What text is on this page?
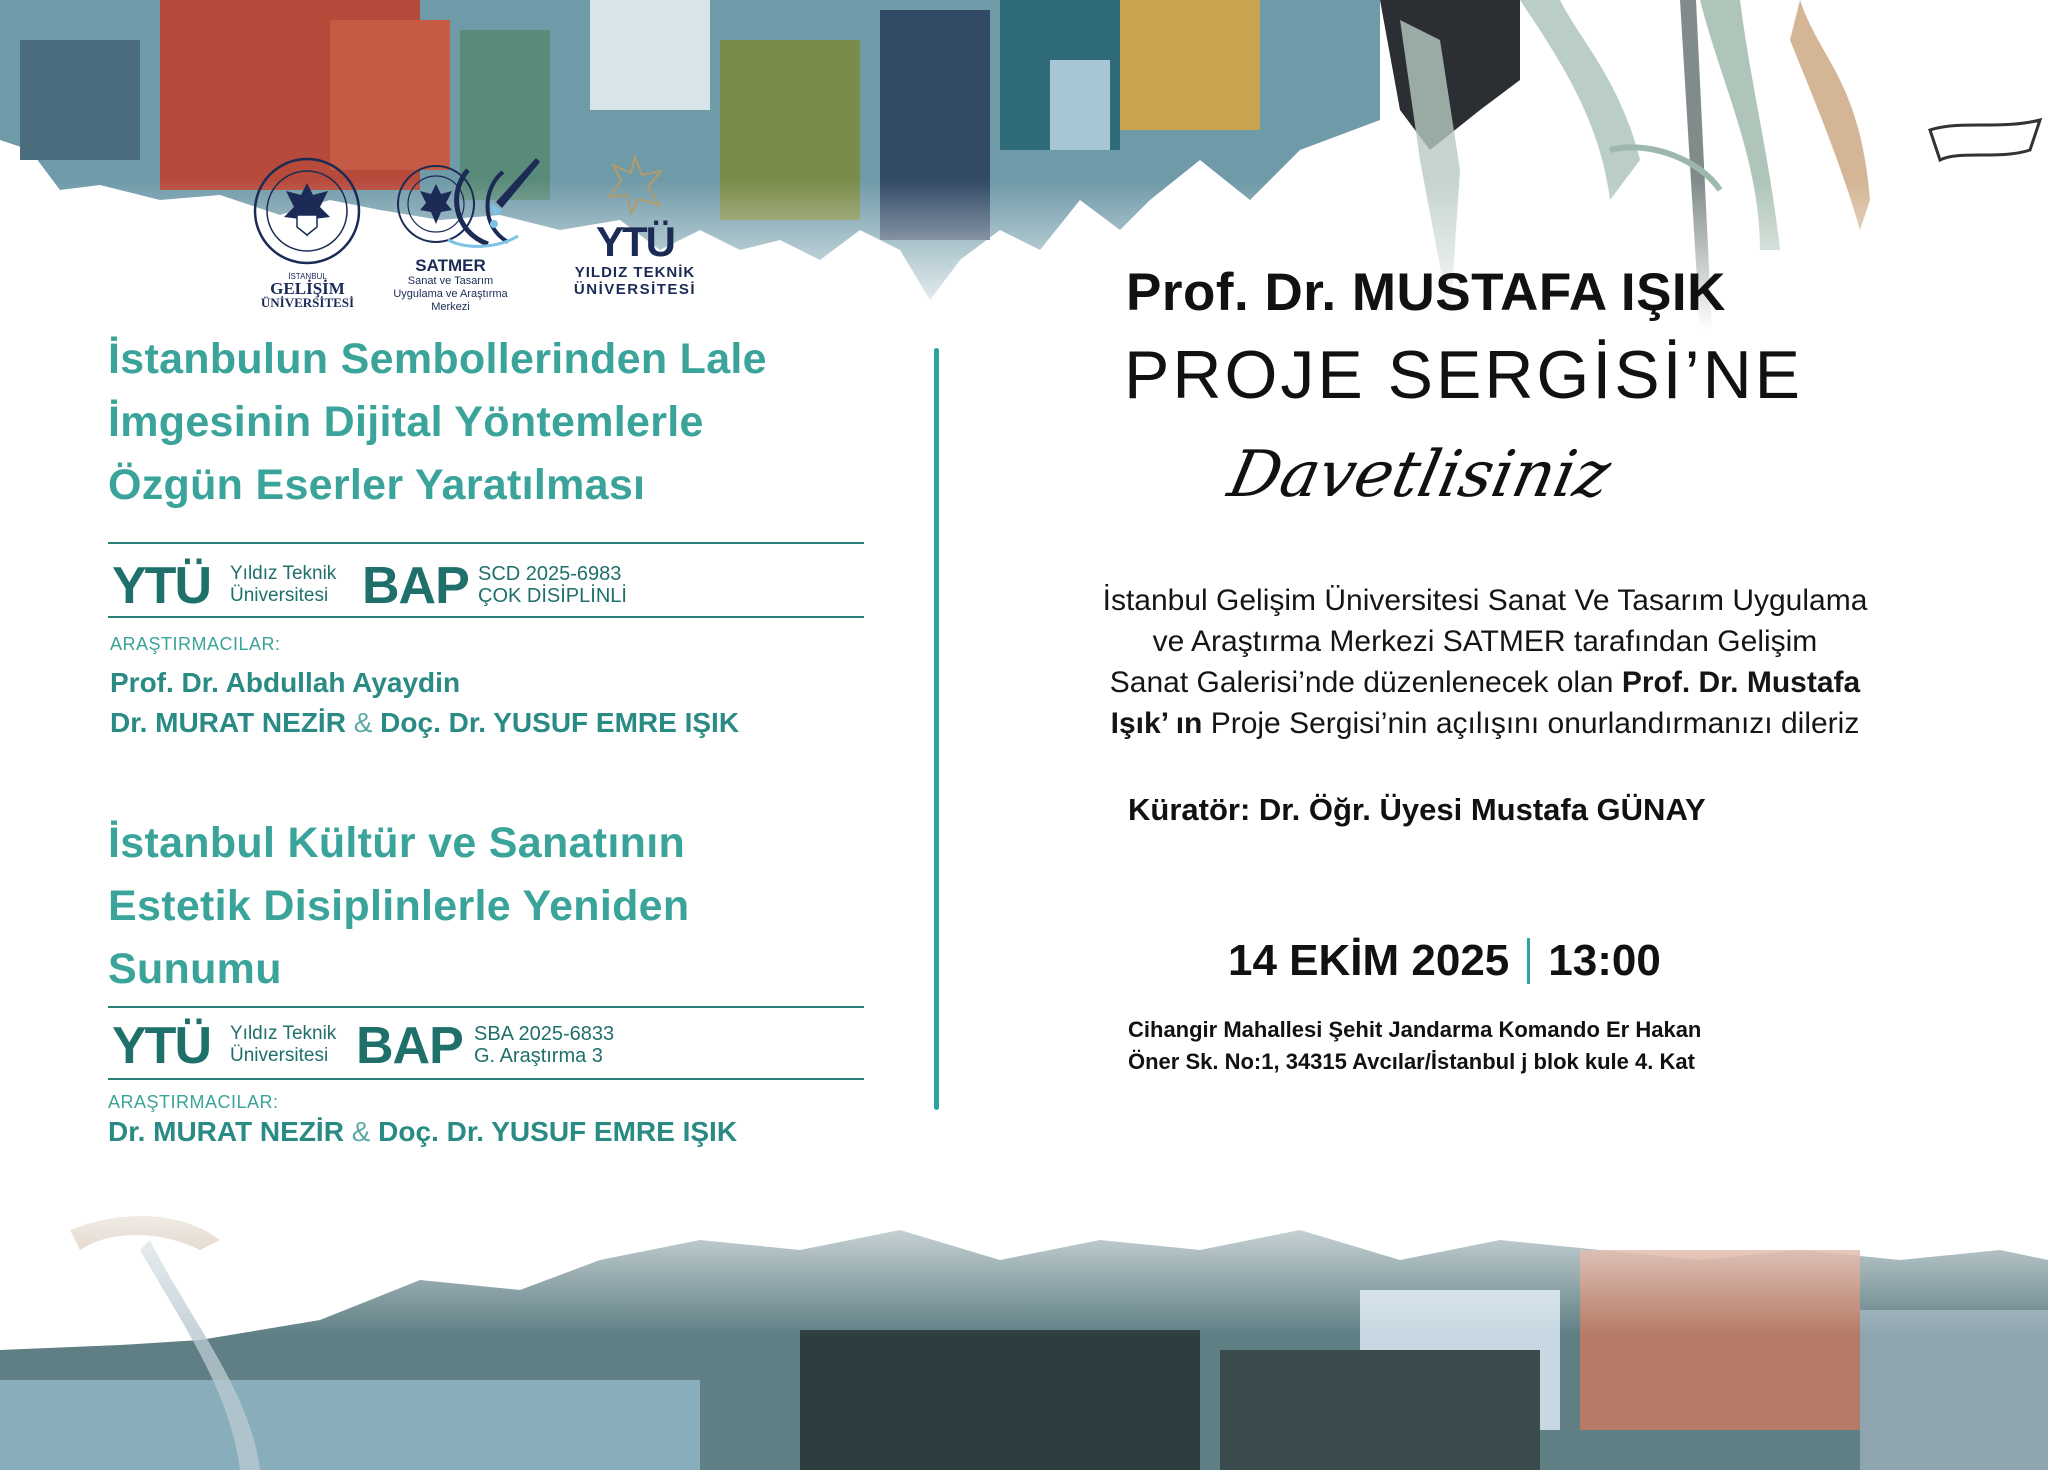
İSTANBUL
GELİŞİM
ÜNİVERSİTESİ
SATMER
Sanat ve Tasarım
Uygulama ve Araştırma
Merkezi
YTÜ
YILDIZ TEKNİK
ÜNİVERSİTESİ
İstanbulun Sembollerinden Lale
İmgesinin Dijital Yöntemlerle
Özgün Eserler Yaratılması
YTÜ Yıldız Teknik
Üniversitesi BAP SCD 2025-6983
ÇOK DİSİPLİNLİ
ARAŞTIRMACILAR:
Prof. Dr. Abdullah Ayaydin
Dr. MURAT NEZİR & Doç. Dr. YUSUF EMRE IŞIK
İstanbul Kültür ve Sanatının
Estetik Disiplinlerle Yeniden
Sunumu
YTÜ Yıldız Teknik
Üniversitesi BAP SBA 2025-6833
G. Araştırma 3
ARAŞTIRMACILAR:
Dr. MURAT NEZİR & Doç. Dr. YUSUF EMRE IŞIK
Prof. Dr. MUSTAFA IŞIK
PROJE SERGİSİ’NE
Davetlisiniz
İstanbul Gelişim Üniversitesi Sanat Ve Tasarım Uygulama
ve Araştırma Merkezi SATMER tarafından Gelişim
Sanat Galerisi’nde düzenlenecek olan Prof. Dr. Mustafa
Işık’ ın Proje Sergisi’nin açılışını onurlandırmanızı dileriz
Küratör: Dr. Öğr. Üyesi Mustafa GÜNAY
14 EKİM 2025 13:00
Cihangir Mahallesi Şehit Jandarma Komando Er Hakan
Öner Sk. No:1, 34315 Avcılar/İstanbul j blok kule 4. Kat
